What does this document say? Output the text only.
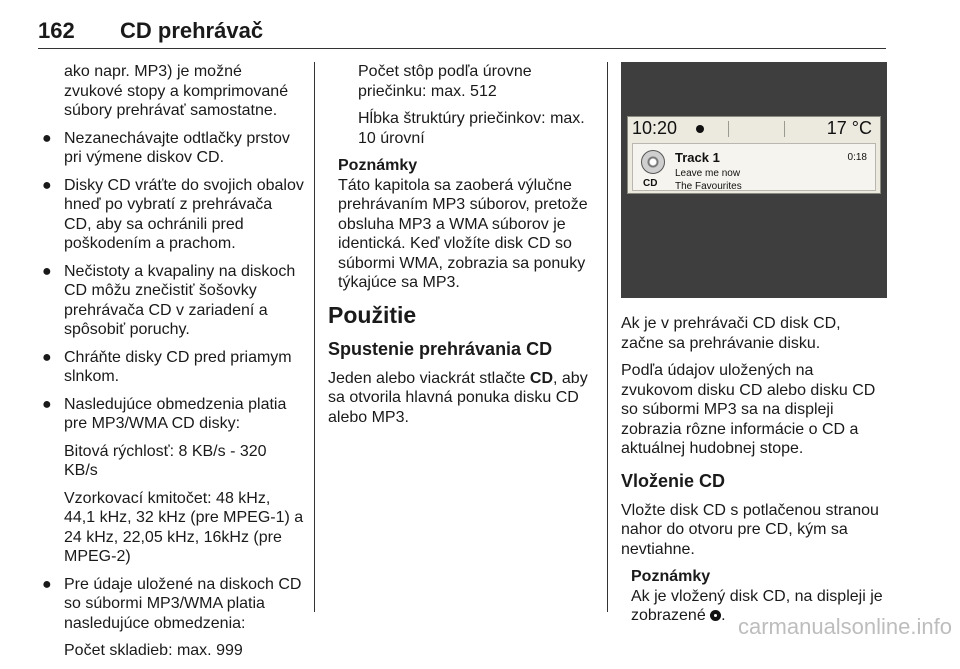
162 CD prehrávač

ako napr. MP3) je možné zvukové stopy a komprimované súbory prehrávať samostatne.

● Nezanechávajte odtlačky prstov pri výmene diskov CD.
● Disky CD vráťte do svojich obalov hneď po vybratí z prehrávača CD, aby sa ochránili pred poškodením a prachom.
● Nečistoty a kvapaliny na diskoch CD môžu znečistiť šošovky prehrávača CD v zariadení a spôsobiť poruchy.
● Chráňte disky CD pred priamym slnkom.
● Nasledujúce obmedzenia platia pre MP3/WMA CD disky:

Bitová rýchlosť: 8 KB/s - 320 KB/s

Vzorkovací kmitočet: 48 kHz, 44,1 kHz, 32 kHz (pre MPEG-1) a 24 kHz, 22,05 kHz, 16kHz (pre MPEG-2)

● Pre údaje uložené na diskoch CD so súbormi MP3/WMA platia nasledujúce obmedzenia:

Počet skladieb: max. 999

Počet stôp podľa úrovne priečinku: max. 512

Hĺbka štruktúry priečinkov: max. 10 úrovní

Poznámky

Táto kapitola sa zaoberá výlučne prehrávaním MP3 súborov, pretože obsluha MP3 a WMA súborov je identická. Keď vložíte disk CD so súbormi WMA, zobrazia sa ponuky týkajúce sa MP3.

Použitie
Spustenie prehrávania CD

Jeden alebo viackrát stlačte CD, aby sa otvorila hlavná ponuka disku CD alebo MP3.

10:20	17 °C
CD
Track 1	0:18
Leave me now
The Favourites

Ak je v prehrávači CD disk CD, začne sa prehrávanie disku.

Podľa údajov uložených na zvukovom disku CD alebo disku CD so súbormi MP3 sa na displeji zobrazia rôzne informácie o CD a aktuálnej hudobnej stope.

Vloženie CD

Vložte disk CD s potlačenou stranou nahor do otvoru pre CD, kým sa nevtiahne.

Poznámky

Ak je vložený disk CD, na displeji je zobrazené . carmanualsonline.info
